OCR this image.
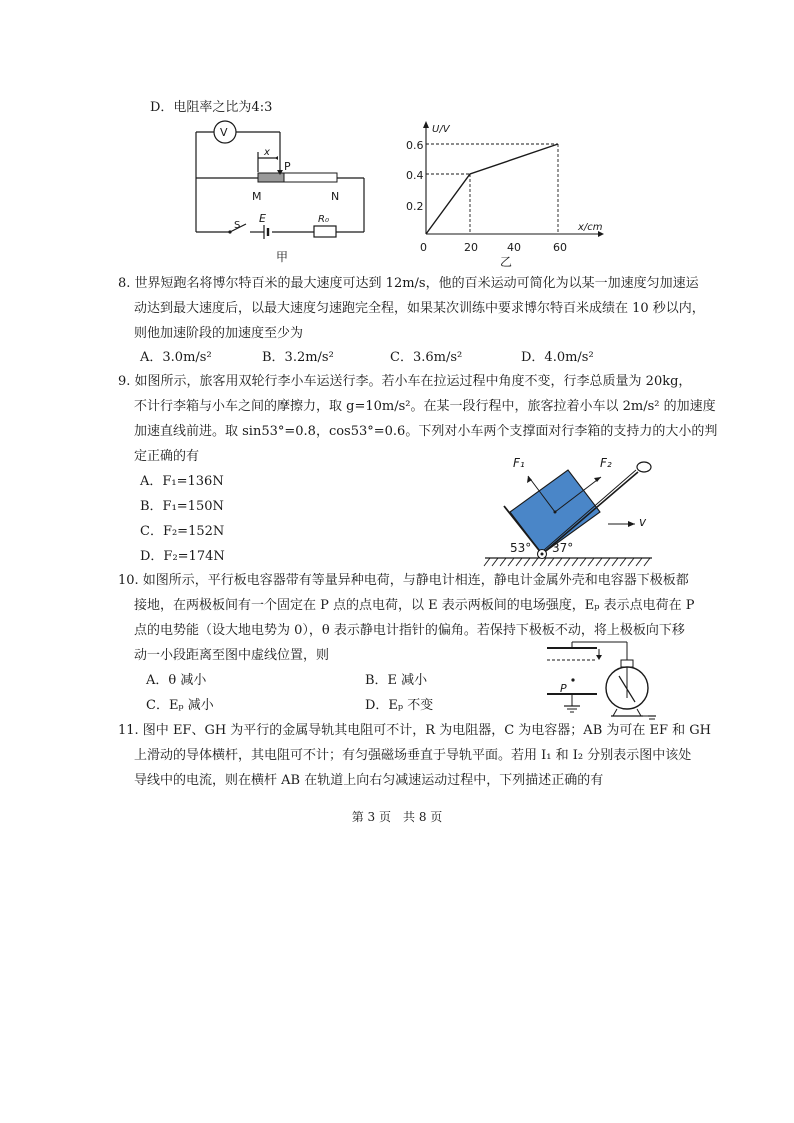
D．电阻率之比为4:3
V
x
P
M	N
S
E	R₀
甲
U/V
x/cm
0.2
0.4
0.6
0	20	40	60
乙
8. 世界短跑名将博尔特百米的最大速度可达到 12m/s，他的百米运动可简化为以某一加速度匀加速运
动达到最大速度后，以最大速度匀速跑完全程，如果某次训练中要求博尔特百米成绩在 10 秒以内，
则他加速阶段的加速度至少为
A．3.0m/s²	B．3.2m/s²	C．3.6m/s²	D．4.0m/s²
9. 如图所示，旅客用双轮行李小车运送行李。若小车在拉运过程中角度不变，行李总质量为 20kg，
不计行李箱与小车之间的摩擦力，取 g=10m/s²。在某一段行程中，旅客拉着小车以 2m/s² 的加速度
加速直线前进。取 sin53°=0.8，cos53°=0.6。下列对小车两个支撑面对行李箱的支持力的大小的判
定正确的有
A．F₁=136N
B．F₁=150N
C．F₂=152N
D．F₂=174N
F₁	F₂
v
53° 37°
10. 如图所示，平行板电容器带有等量异种电荷，与静电计相连，静电计金属外壳和电容器下极板都
接地，在两极板间有一个固定在 P 点的点电荷，以 E 表示两板间的电场强度，Eₚ 表示点电荷在 P
点的电势能（设大地电势为 0），θ 表示静电计指针的偏角。若保持下极板不动，将上极板向下移
动一小段距离至图中虚线位置，则
A．θ 减小	B．E 减小
C．Eₚ 减小	D．Eₚ 不变
P
11. 图中 EF、GH 为平行的金属导轨其电阻可不计，R 为电阻器，C 为电容器；AB 为可在 EF 和 GH
上滑动的导体横杆，其电阻可不计；有匀强磁场垂直于导轨平面。若用 I₁ 和 I₂ 分别表示图中该处
导线中的电流，则在横杆 AB 在轨道上向右匀减速运动过程中，下列描述正确的有
第 3 页　共 8 页
